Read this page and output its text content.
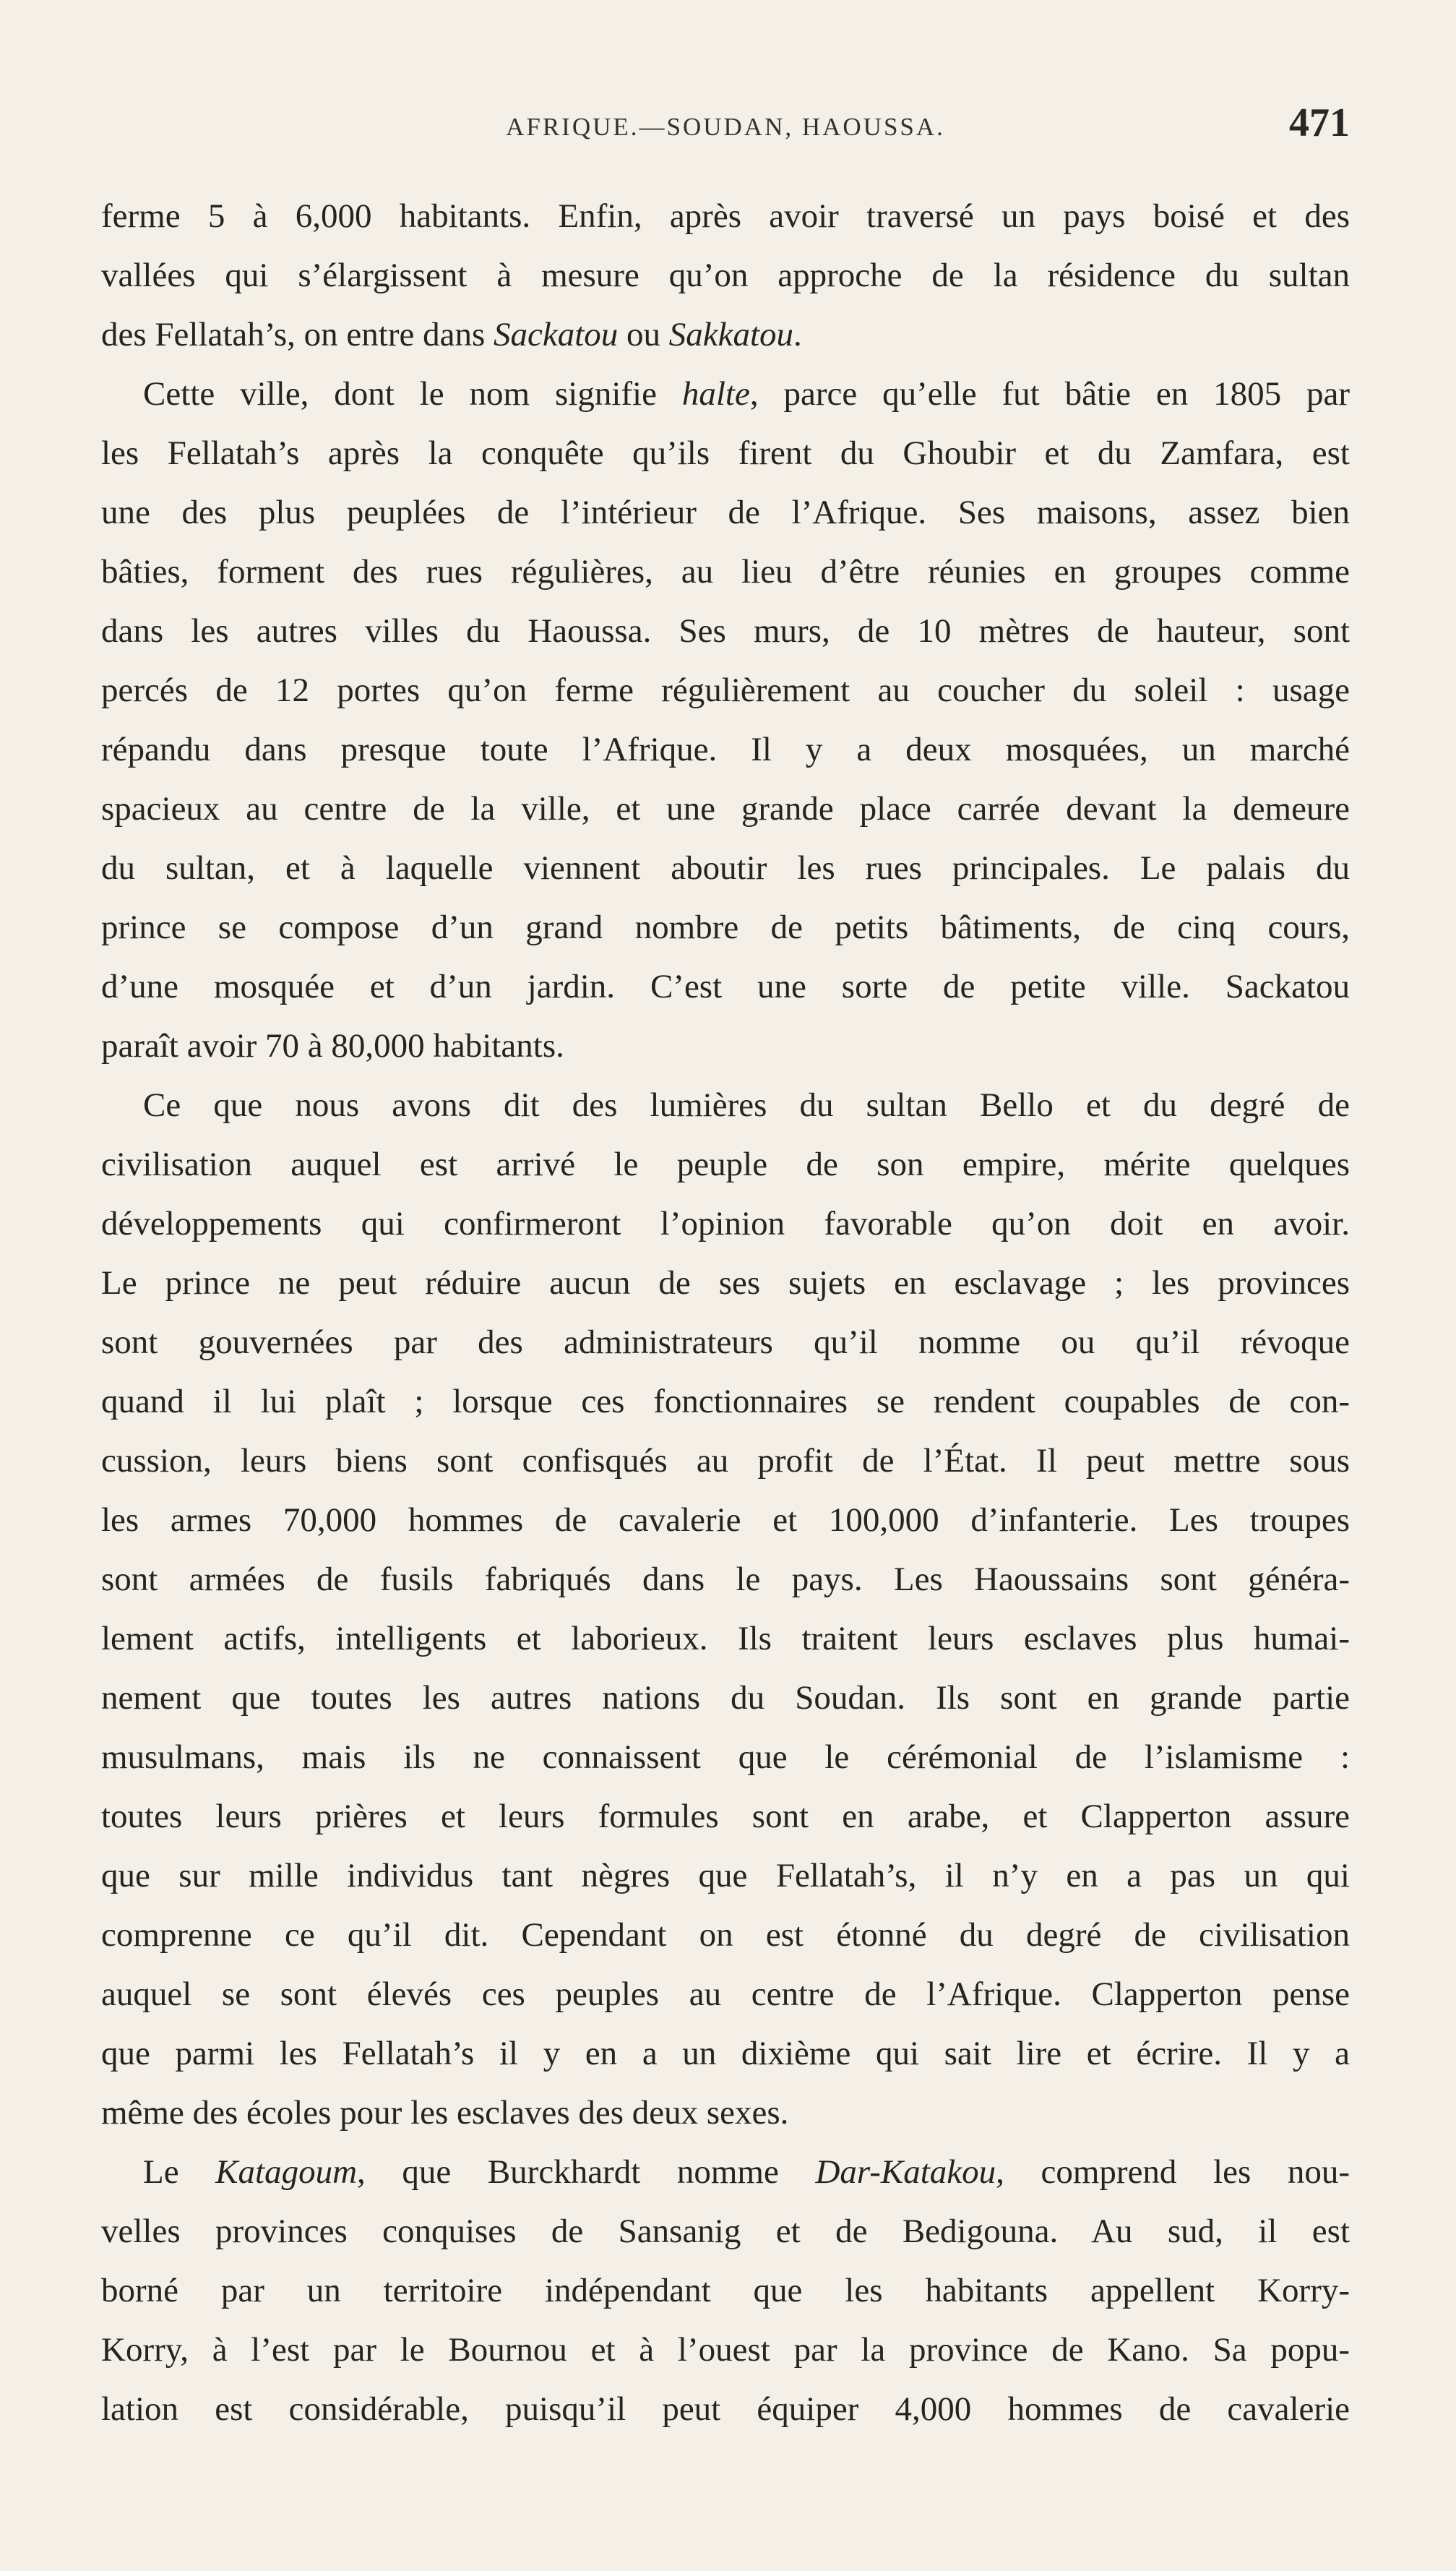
AFRIQUE.—SOUDAN, HAOUSSA.	471
ferme 5 à 6,000 habitants. Enfin, après avoir traversé un pays boisé et des
vallées qui s’élargissent à mesure qu’on approche de la résidence du sultan
des Fellatah’s, on entre dans Sackatou ou Sakkatou.
Cette ville, dont le nom signifie halte, parce qu’elle fut bâtie en 1805 par
les Fellatah’s après la conquête qu’ils firent du Ghoubir et du Zamfara, est
une des plus peuplées de l’intérieur de l’Afrique. Ses maisons, assez bien
bâties, forment des rues régulières, au lieu d’être réunies en groupes comme
dans les autres villes du Haoussa. Ses murs, de 10 mètres de hauteur, sont
percés de 12 portes qu’on ferme régulièrement au coucher du soleil : usage
répandu dans presque toute l’Afrique. Il y a deux mosquées, un marché
spacieux au centre de la ville, et une grande place carrée devant la demeure
du sultan, et à laquelle viennent aboutir les rues principales. Le palais du
prince se compose d’un grand nombre de petits bâtiments, de cinq cours,
d’une mosquée et d’un jardin. C’est une sorte de petite ville. Sackatou
paraît avoir 70 à 80,000 habitants.
Ce que nous avons dit des lumières du sultan Bello et du degré de
civilisation auquel est arrivé le peuple de son empire, mérite quelques
développements qui confirmeront l’opinion favorable qu’on doit en avoir.
Le prince ne peut réduire aucun de ses sujets en esclavage ; les provinces
sont gouvernées par des administrateurs qu’il nomme ou qu’il révoque
quand il lui plaît ; lorsque ces fonctionnaires se rendent coupables de con-
cussion, leurs biens sont confisqués au profit de l’État. Il peut mettre sous
les armes 70,000 hommes de cavalerie et 100,000 d’infanterie. Les troupes
sont armées de fusils fabriqués dans le pays. Les Haoussains sont généra-
lement actifs, intelligents et laborieux. Ils traitent leurs esclaves plus humai-
nement que toutes les autres nations du Soudan. Ils sont en grande partie
musulmans, mais ils ne connaissent que le cérémonial de l’islamisme :
toutes leurs prières et leurs formules sont en arabe, et Clapperton assure
que sur mille individus tant nègres que Fellatah’s, il n’y en a pas un qui
comprenne ce qu’il dit. Cependant on est étonné du degré de civilisation
auquel se sont élevés ces peuples au centre de l’Afrique. Clapperton pense
que parmi les Fellatah’s il y en a un dixième qui sait lire et écrire. Il y a
même des écoles pour les esclaves des deux sexes.
Le Katagoum, que Burckhardt nomme Dar-Katakou, comprend les nou-
velles provinces conquises de Sansanig et de Bedigouna. Au sud, il est
borné par un territoire indépendant que les habitants appellent Korry-
Korry, à l’est par le Bournou et à l’ouest par la province de Kano. Sa popu-
lation est considérable, puisqu’il peut équiper 4,000 hommes de cavalerie
